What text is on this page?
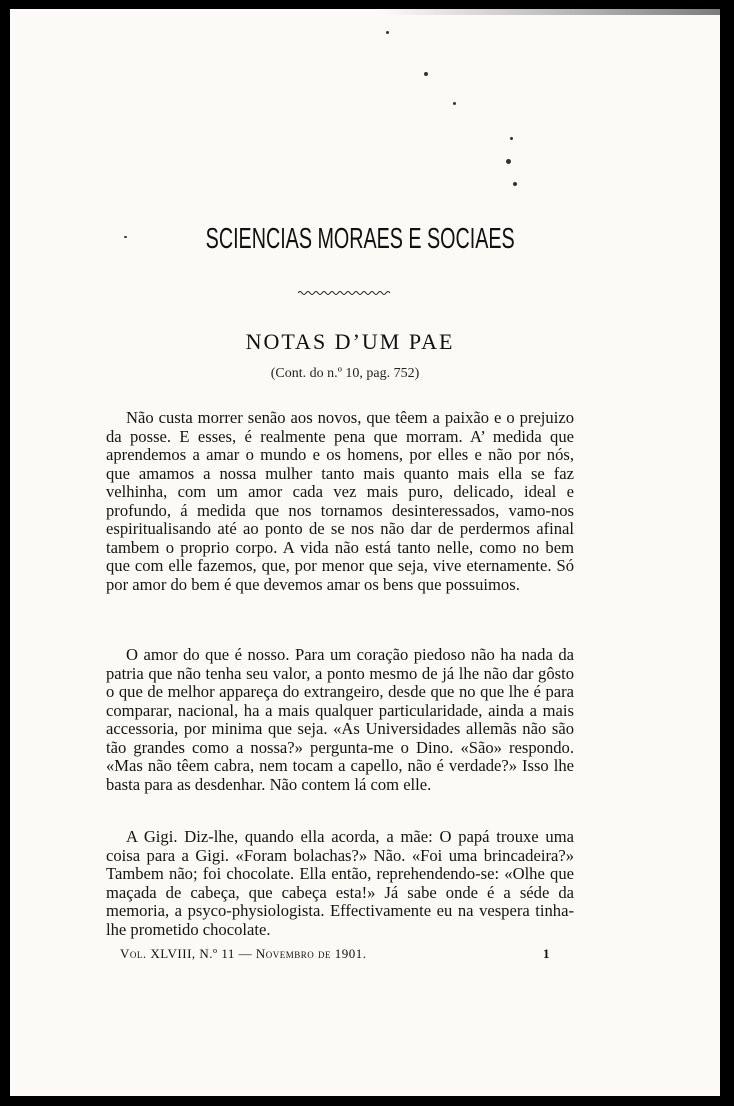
SCIENCIAS MORAES E SOCIAES
NOTAS D’UM PAE
(Cont. do n.º 10, pag. 752)

Não custa morrer senão aos novos, que têem a paixão e o prejuizo da posse. E esses, é realmente pena que morram. A’ medida que aprendemos a amar o mundo e os homens, por elles e não por nós, que amamos a nossa mulher tanto mais quanto mais ella se faz velhinha, com um amor cada vez mais puro, delicado, ideal e profundo, á medida que nos tornamos desinteressados, vamo-nos espiritualisando até ao ponto de se nos não dar de perdermos afinal tambem o proprio corpo. A vida não está tanto nelle, como no bem que com elle fazemos, que, por menor que seja, vive eternamente. Só por amor do bem é que devemos amar os bens que possuimos.

O amor do que é nosso. Para um coração piedoso não ha nada da patria que não tenha seu valor, a ponto mesmo de já lhe não dar gôsto o que de melhor appareça do extrangeiro, desde que no que lhe é para comparar, nacional, ha a mais qualquer particularidade, ainda a mais accessoria, por minima que seja. «As Universidades allemãs não são tão grandes como a nossa?» pergunta-me o Dino. «São» respondo. «Mas não têem cabra, nem tocam a capello, não é verdade?» Isso lhe basta para as desdenhar. Não contem lá com elle.

A Gigi. Diz-lhe, quando ella acorda, a mãe: O papá trouxe uma coisa para a Gigi. «Foram bolachas?» Não. «Foi uma brincadeira?» Tambem não; foi chocolate. Ella então, reprehendendo-se: «Olhe que maçada de cabeça, que cabeça esta!» Já sabe onde é a séde da memoria, a psyco-physiologista. Effectivamente eu na vespera tinha-lhe prometido chocolate.

Vol. XLVIII, N.º 11 — Novembro de 1901.	1
